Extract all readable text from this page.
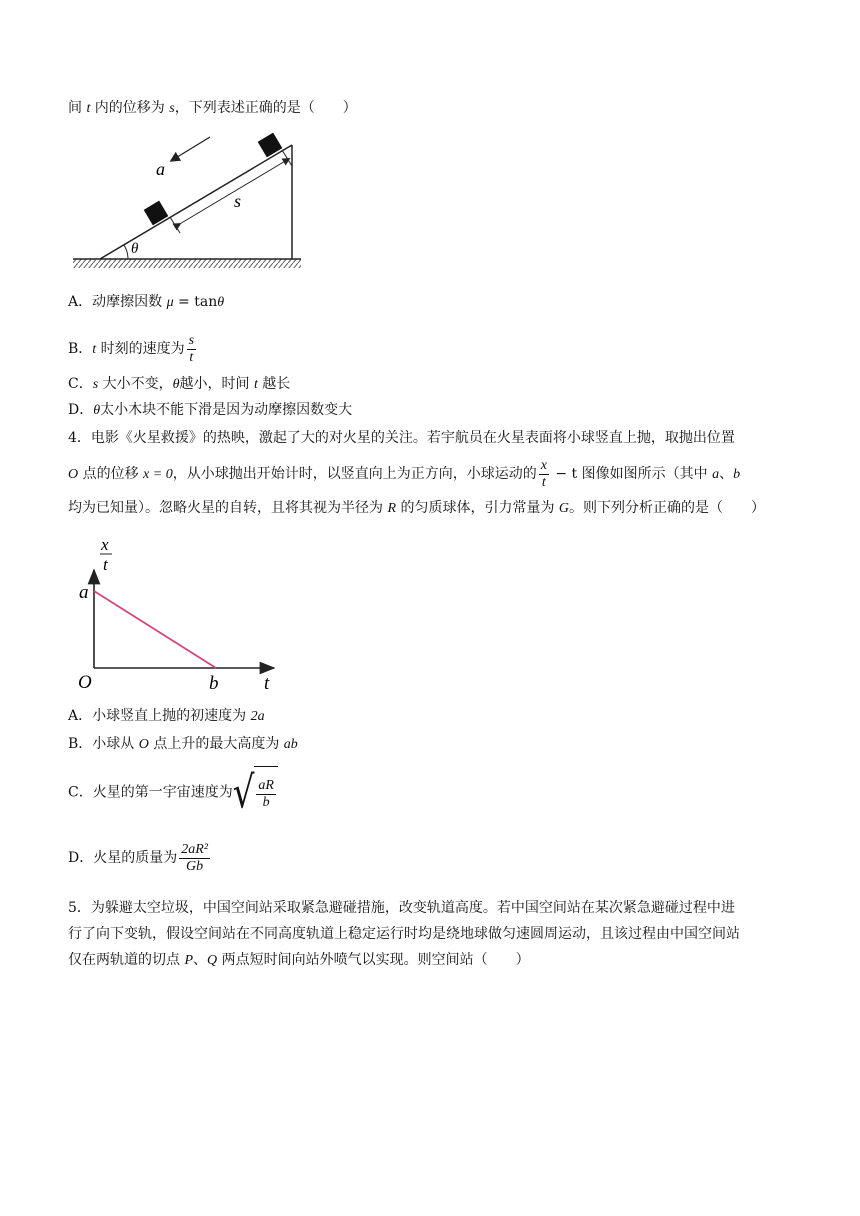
间 t 内的位移为 s，下列表述正确的是（　　）
a
s
θ
A．动摩擦因数 μ = tanθ
B．t 时刻的速度为 $\frac{s}{t}$
C．s 大小不变，θ越小，时间 t 越长
D．θ太小木块不能下滑是因为动摩擦因数变大
4．电影《火星救援》的热映，激起了大的对火星的关注。若宇航员在火星表面将小球竖直上抛，取抛出位置
O 点的位移 x = 0，从小球抛出开始计时，以竖直向上为正方向，小球运动的 $\frac{x}{t} - t$ 图像如图所示（其中 a、b
均为已知量）。忽略火星的自转，且将其视为半径为 R 的匀质球体，引力常量为 G。则下列分析正确的是（　　）
x
t
a
O	b t
A．小球竖直上抛的初速度为 2a
B．小球从 O 点上升的最大高度为 ab
C．火星的第一宇宙速度为 √ $\frac{aR}{b}$
D．火星的质量为 $\frac{\text{2aR²}}{Gb}$
5．为躲避太空垃圾，中国空间站采取紧急避碰措施，改变轨道高度。若中国空间站在某次紧急避碰过程中进
行了向下变轨，假设空间站在不同高度轨道上稳定运行时均是绕地球做匀速圆周运动，且该过程由中国空间站
仅在两轨道的切点 P、Q 两点短时间向站外喷气以实现。则空间站（　　）
